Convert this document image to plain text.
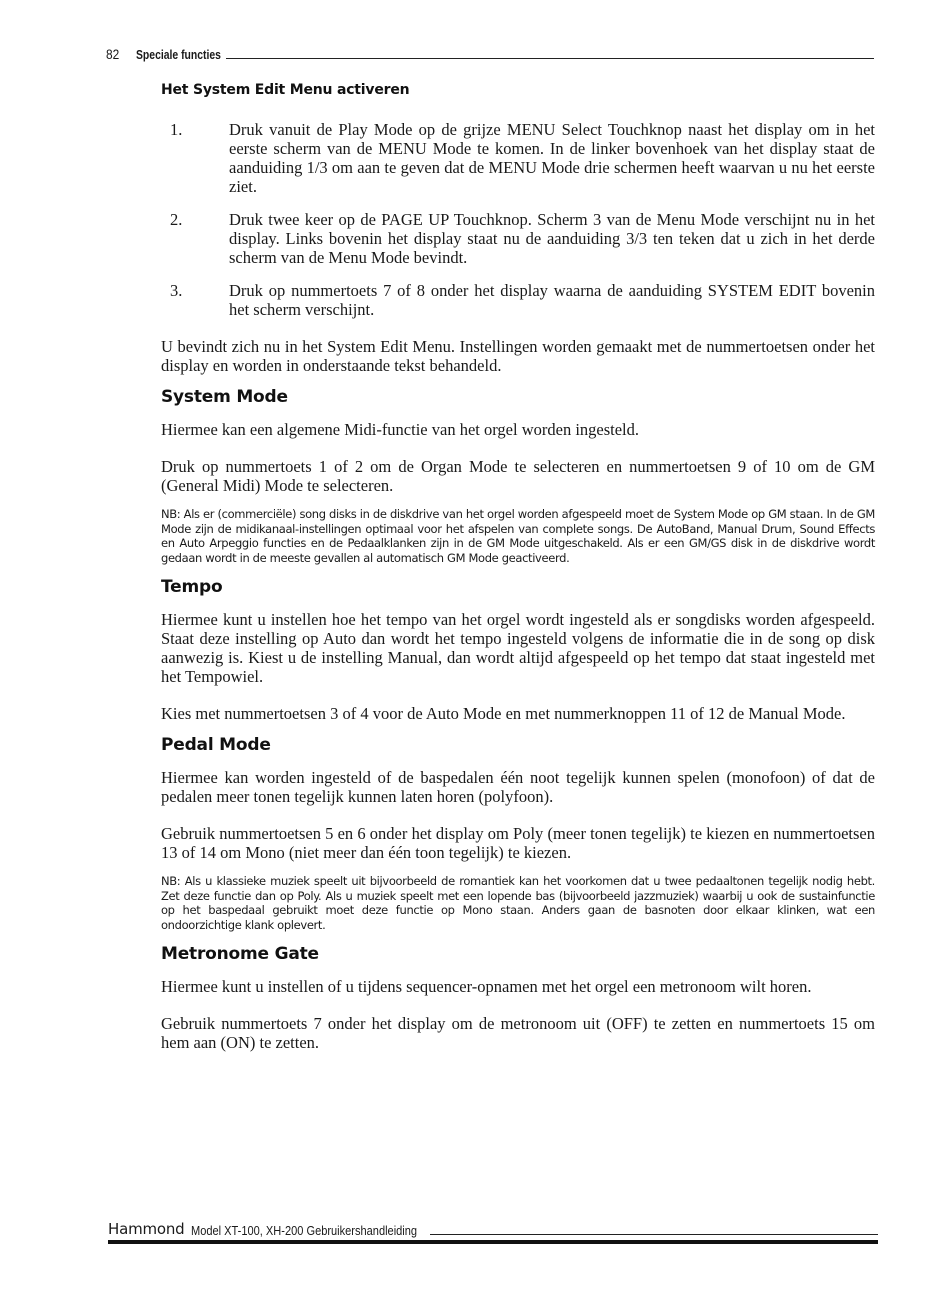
82 Speciale functies
Het System Edit Menu activeren
1.	Druk vanuit de Play Mode op de grijze MENU Select Touchknop naast het display om in het eerste scherm van de MENU Mode te komen. In de linker bovenhoek van het display staat de aanduiding 1/3 om aan te geven dat de MENU Mode drie schermen heeft waarvan u nu het eerste ziet.
2.	Druk twee keer op de PAGE UP Touchknop. Scherm 3 van de Menu Mode verschijnt nu in het display. Links bovenin het display staat nu de aanduiding 3/3 ten teken dat u zich in het derde scherm van de Menu Mode bevindt.
3.	Druk op nummertoets 7 of 8 onder het display waarna de aanduiding SYSTEM EDIT bovenin het scherm verschijnt.

U bevindt zich nu in het System Edit Menu. Instellingen worden gemaakt met de nummertoetsen onder het display en worden in onderstaande tekst behandeld.

System Mode

Hiermee kan een algemene Midi-functie van het orgel worden ingesteld.

Druk op nummertoets 1 of 2 om de Organ Mode te selecteren en nummertoetsen 9 of 10 om de GM (General Midi) Mode te selecteren.

NB: Als er (commerciële) song disks in de diskdrive van het orgel worden afgespeeld moet de System Mode op GM staan. In de GM Mode zijn de midikanaal-instellingen optimaal voor het afspelen van complete songs. De AutoBand, Manual Drum, Sound Effects en Auto Arpeggio functies en de Pedaalklanken zijn in de GM Mode uitgeschakeld. Als er een GM/GS disk in de diskdrive wordt gedaan wordt in de meeste gevallen al automatisch GM Mode geactiveerd.

Tempo

Hiermee kunt u instellen hoe het tempo van het orgel wordt ingesteld als er songdisks worden afgespeeld. Staat deze instelling op Auto dan wordt het tempo ingesteld volgens de informatie die in de song op disk aanwezig is. Kiest u de instelling Manual, dan wordt altijd afgespeeld op het tempo dat staat ingesteld met het Tempowiel.

Kies met nummertoetsen 3 of 4 voor de Auto Mode en met nummerknoppen 11 of 12 de Manual Mode.

Pedal Mode

Hiermee kan worden ingesteld of de baspedalen één noot tegelijk kunnen spelen (monofoon) of dat de pedalen meer tonen tegelijk kunnen laten horen (polyfoon).

Gebruik nummertoetsen 5 en 6 onder het display om Poly (meer tonen tegelijk) te kiezen en nummertoetsen 13 of 14 om Mono (niet meer dan één toon tegelijk) te kiezen.

NB: Als u klassieke muziek speelt uit bijvoorbeeld de romantiek kan het voorkomen dat u twee pedaaltonen tegelijk nodig hebt. Zet deze functie dan op Poly. Als u muziek speelt met een lopende bas (bijvoorbeeld jazzmuziek) waarbij u ook de sustainfunctie op het baspedaal gebruikt moet deze functie op Mono staan. Anders gaan de basnoten door elkaar klinken, wat een ondoorzichtige klank oplevert.

Metronome Gate

Hiermee kunt u instellen of u tijdens sequencer-opnamen met het orgel een metronoom wilt horen.

Gebruik nummertoets 7 onder het display om de metronoom uit (OFF) te zetten en nummertoets 15 om hem aan (ON) te zetten.

Hammond Model XT-100, XH-200 Gebruikershandleiding
